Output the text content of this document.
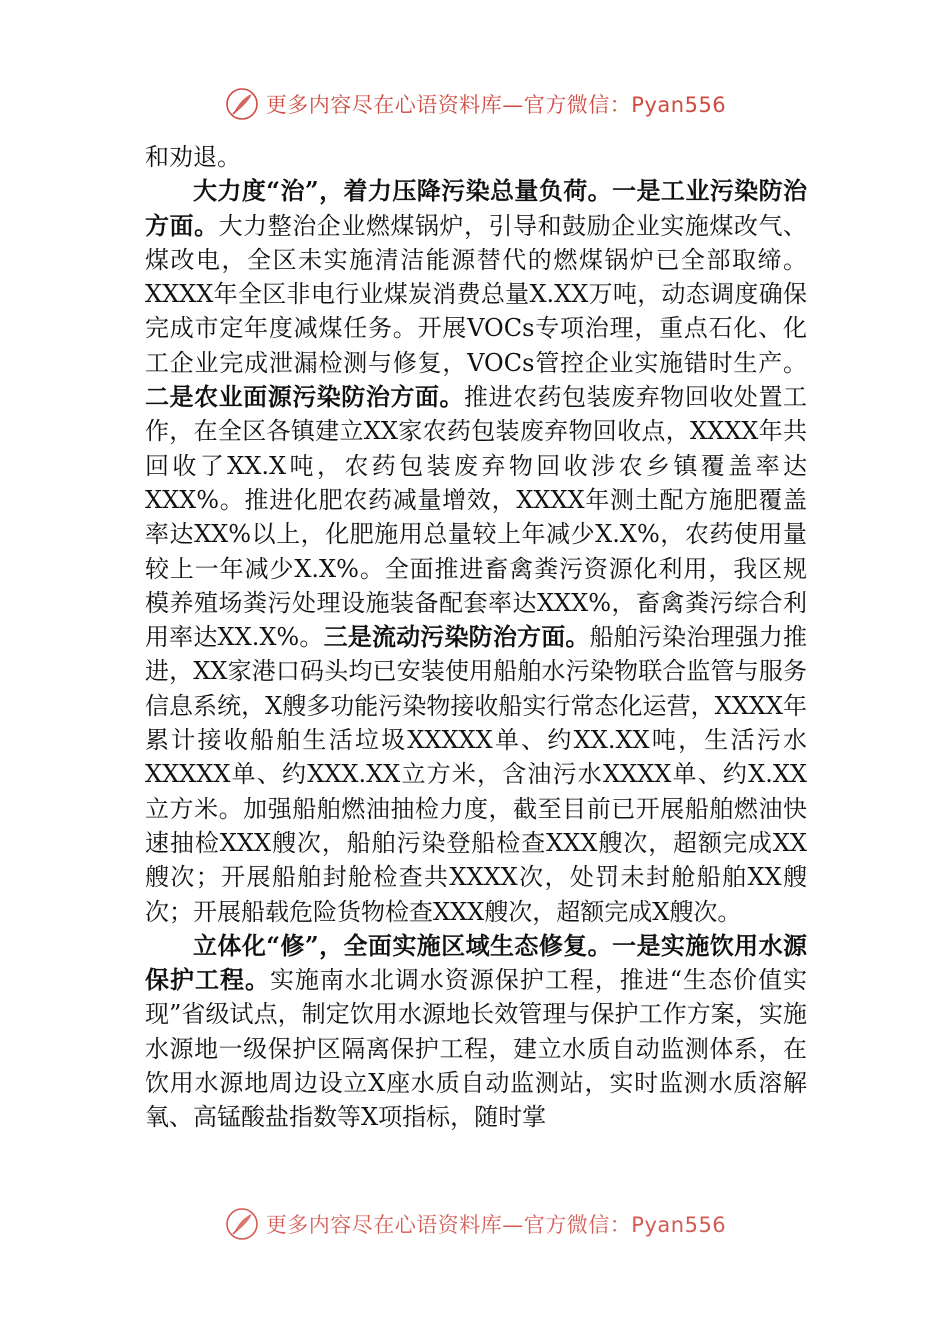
更多内容尽在心语资料库—官方微信：Pyan556

和劝退。

大力度“治”，着力压降污染总量负荷。一是工业污染防治方面。大力整治企业燃煤锅炉，引导和鼓励企业实施煤改气、煤改电，全区未实施清洁能源替代的燃煤锅炉已全部取缔。XXXX年全区非电行业煤炭消费总量X.XX万吨，动态调度确保完成市定年度减煤任务。开展VOCs专项治理，重点石化、化工企业完成泄漏检测与修复，VOCs管控企业实施错时生产。二是农业面源污染防治方面。推进农药包装废弃物回收处置工作，在全区各镇建立XX家农药包装废弃物回收点，XXXX年共回收了XX.X吨，农药包装废弃物回收涉农乡镇覆盖率达XXX%。推进化肥农药减量增效，XXXX年测土配方施肥覆盖率达XX%以上，化肥施用总量较上年减少X.X%，农药使用量较上一年减少X.X%。全面推进畜禽粪污资源化利用，我区规模养殖场粪污处理设施装备配套率达XXX%，畜禽粪污综合利用率达XX.X%。三是流动污染防治方面。船舶污染治理强力推进，XX家港口码头均已安装使用船舶水污染物联合监管与服务信息系统，X艘多功能污染物接收船实行常态化运营，XXXX年累计接收船舶生活垃圾XXXXX单、约XX.XX吨，生活污水XXXXX单、约XXX.XX立方米，含油污水XXXX单、约X.XX立方米。加强船舶燃油抽检力度，截至目前已开展船舶燃油快速抽检XXX艘次，船舶污染登船检查XXX艘次，超额完成XX艘次；开展船舶封舱检查共XXXX次，处罚未封舱船舶XX艘次；开展船载危险货物检查XXX艘次，超额完成X艘次。

立体化“修”，全面实施区域生态修复。一是实施饮用水源保护工程。实施南水北调水资源保护工程，推进“生态价值实现”省级试点，制定饮用水源地长效管理与保护工作方案，实施水源地一级保护区隔离保护工程，建立水质自动监测体系，在饮用水源地周边设立X座水质自动监测站，实时监测水质溶解氧、高锰酸盐指数等X项指标，随时掌

更多内容尽在心语资料库—官方微信：Pyan556
